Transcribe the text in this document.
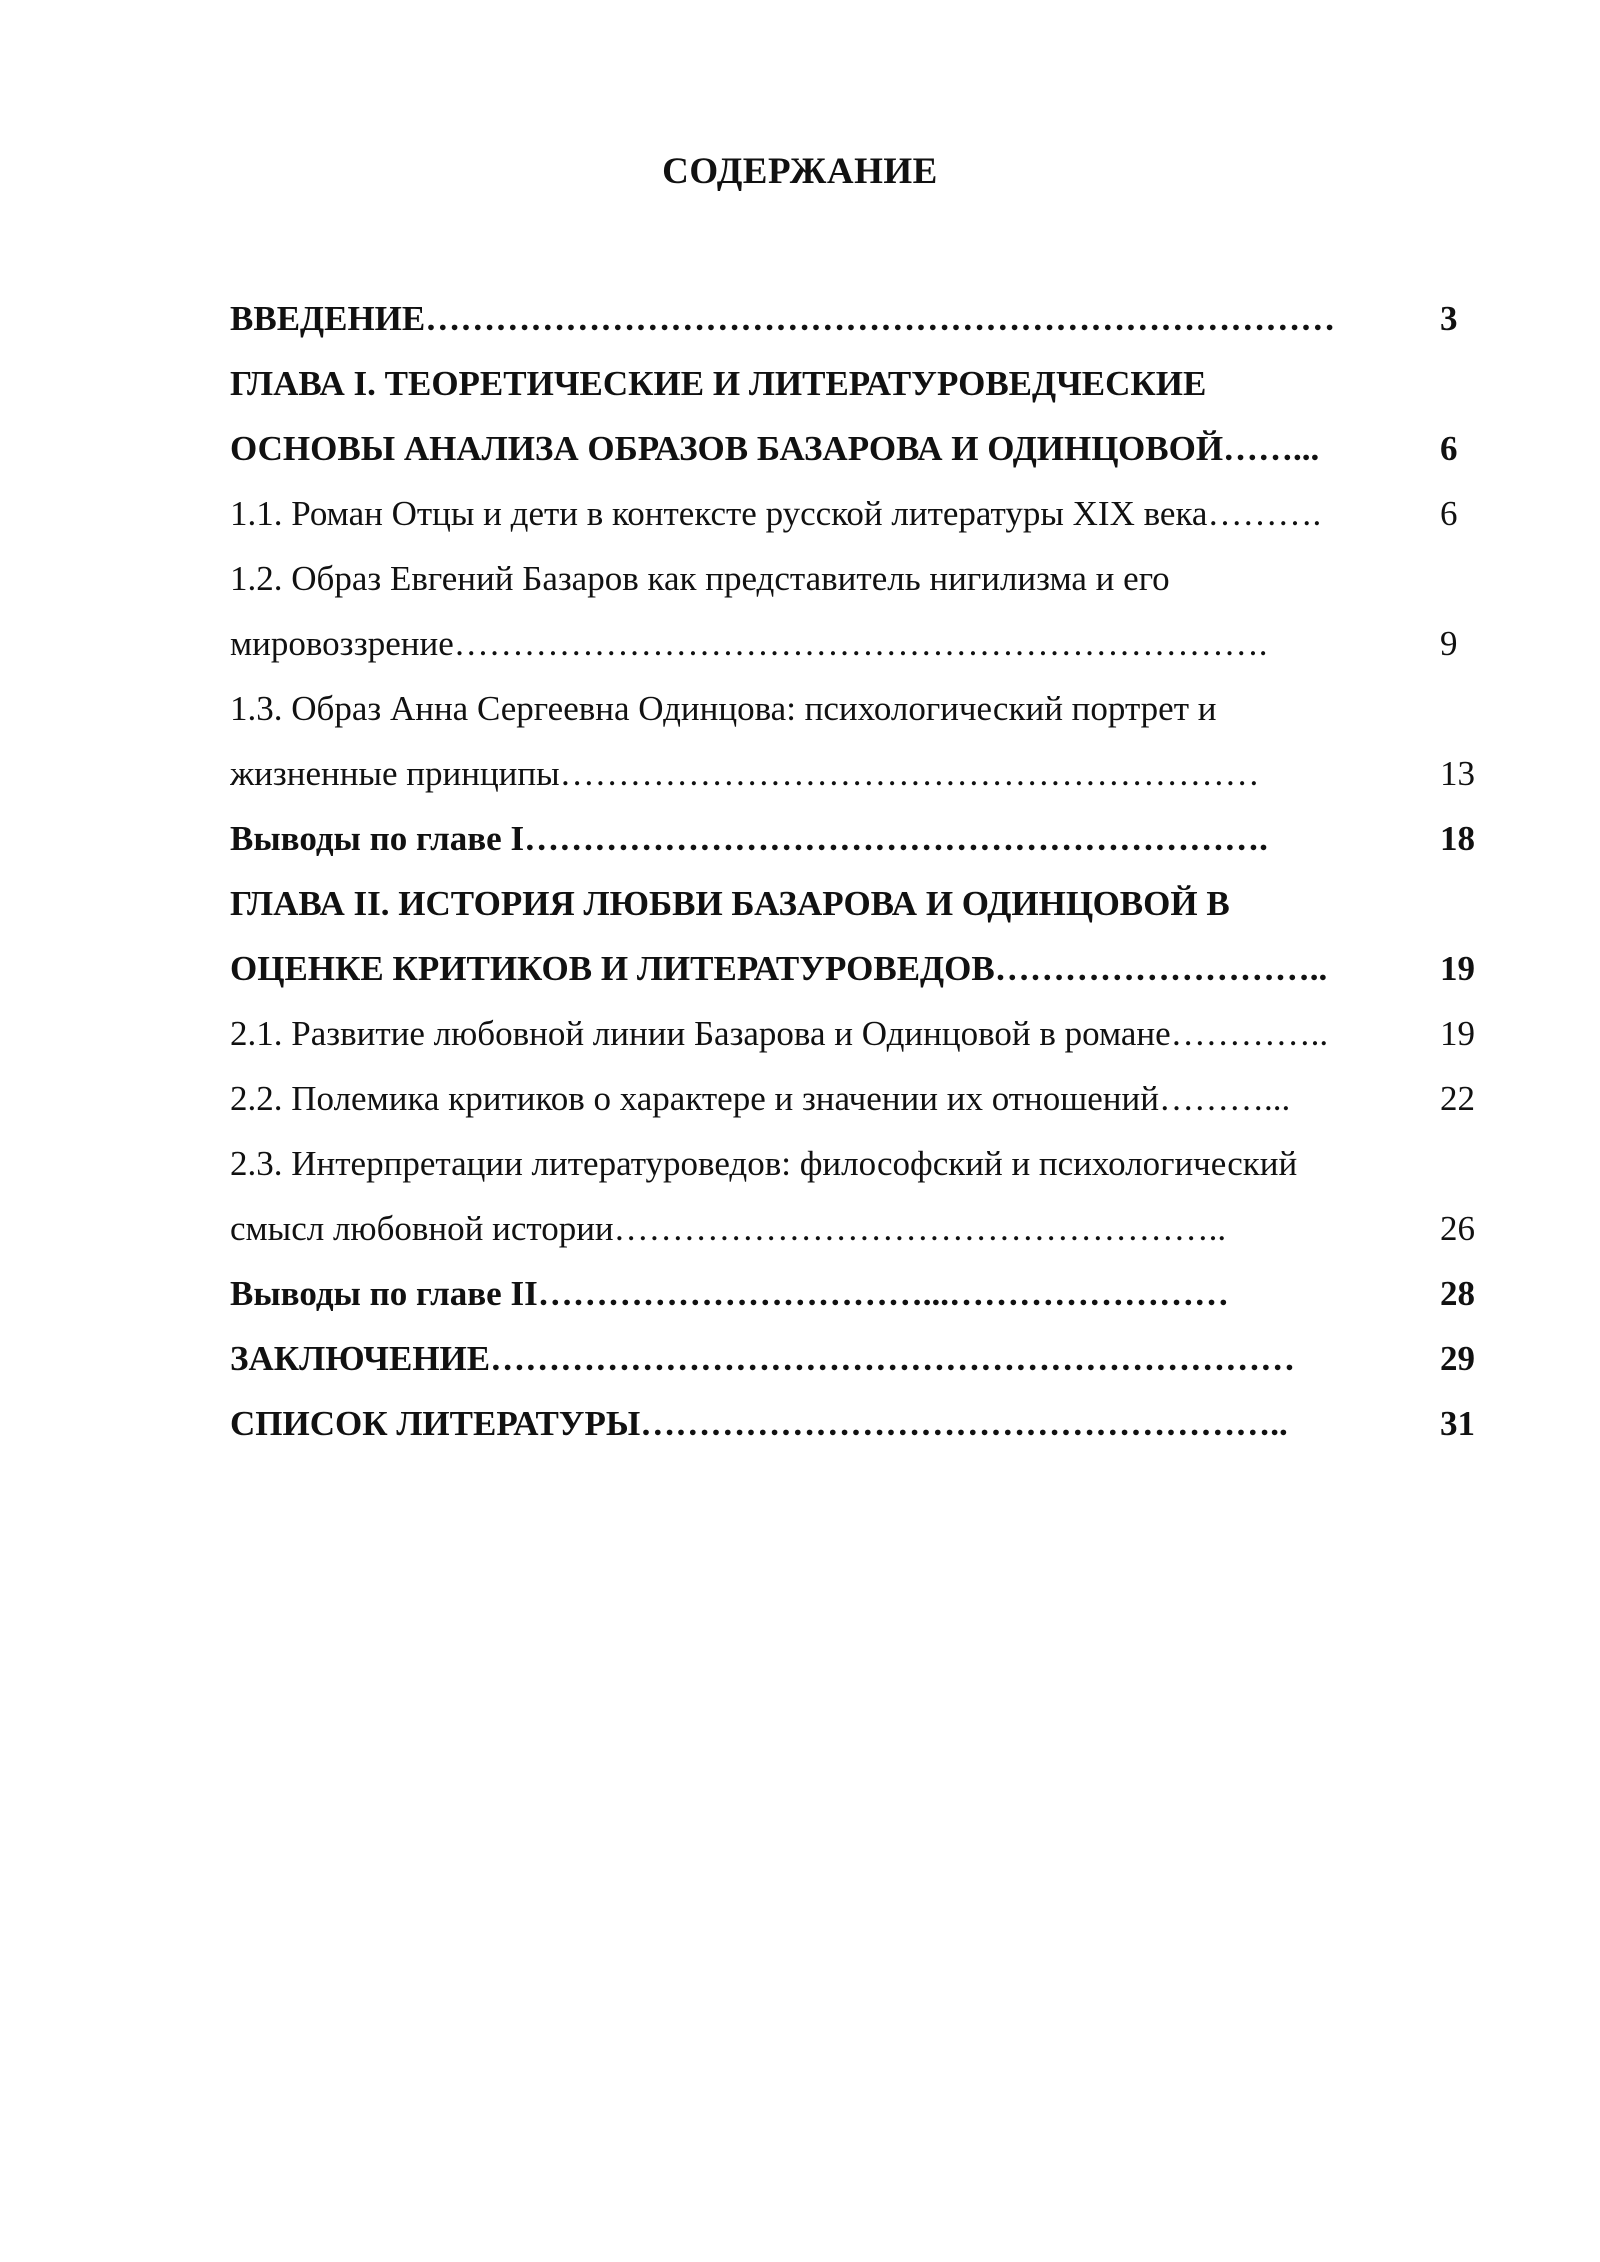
СОДЕРЖАНИЕ
ВВЕДЕНИЕ……………………………………………………………………	3
ГЛАВА I. ТЕОРЕТИЧЕСКИЕ И ЛИТЕРАТУРОВЕДЧЕСКИЕ
ОСНОВЫ АНАЛИЗА ОБРАЗОВ БАЗАРОВА И ОДИНЦОВОЙ……...	6
1.1. Роман Отцы и дети в контексте русской литературы XIX века……….	6
1.2. Образ Евгений Базаров как представитель нигилизма и его
мировоззрение…………………………………………………………….	9
1.3. Образ Анна Сергеевна Одинцова: психологический портрет и
жизненные принципы……………………………………………………	13
Выводы по главе I……………………………………………………….	18
ГЛАВА II. ИСТОРИЯ ЛЮБВИ БАЗАРОВА И ОДИНЦОВОЙ В
ОЦЕНКЕ КРИТИКОВ И ЛИТЕРАТУРОВЕДОВ………………………..	19
2.1. Развитие любовной линии Базарова и Одинцовой в романе…………..	19
2.2. Полемика критиков о характере и значении их отношений………...	22
2.3. Интерпретации литературоведов: философский и психологический
смысл любовной истории……………………………………………..	26
Выводы по главе II……………………………...……………………	28
ЗАКЛЮЧЕНИЕ……………………………………………………………	29
СПИСОК ЛИТЕРАТУРЫ………………………………………………..	31
